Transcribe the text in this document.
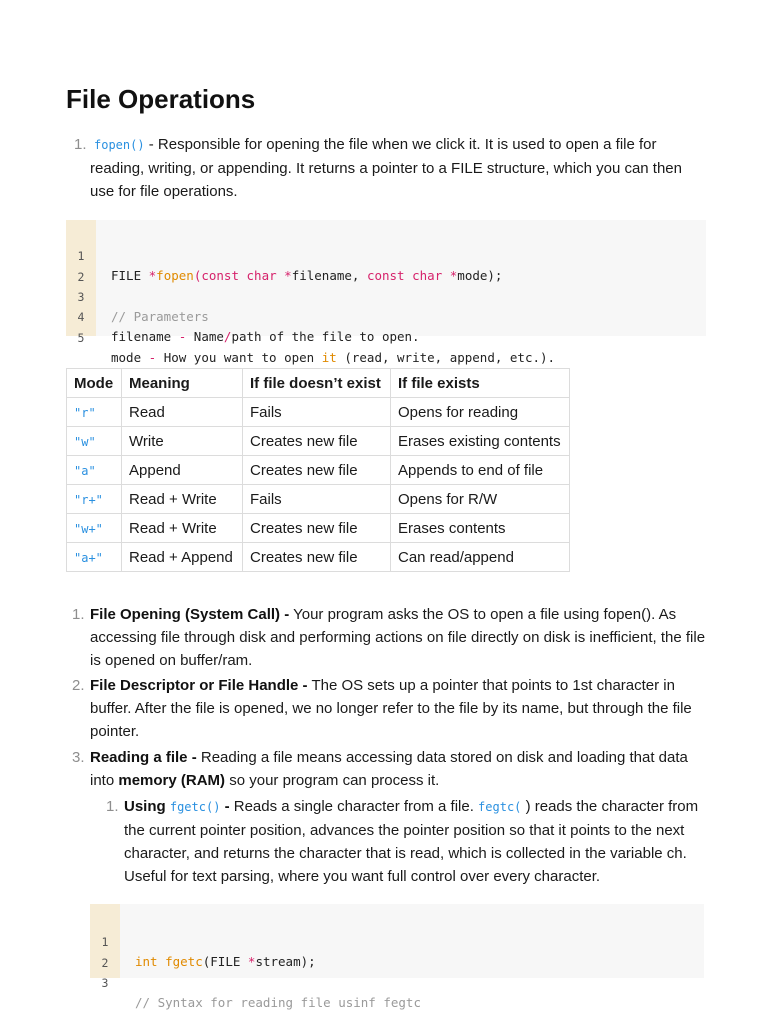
File Operations
1. fopen() - Responsible for opening the file when we click it. It is used to open a file for reading, writing, or appending. It returns a pointer to a FILE structure, which you can then use for file operations.

1

FILE *fopen(const char *filename, const char *mode);

2

3

// Parameters

4

filename - Name/path of the file to open.

5

mode - How you want to open it (read, write, append, etc.).

Mode	Meaning	If file doesn’t exist	If file exists
"r"	Read	Fails	Opens for reading
"w"	Write	Creates new file	Erases existing contents
"a"	Append	Creates new file	Appends to end of file
"r+"	Read + Write	Fails	Opens for R/W
"w+"	Read + Write	Creates new file	Erases contents
"a+"	Read + Append	Creates new file	Can read/append
1. File Opening (System Call) - Your program asks the OS to open a file using fopen(). As accessing file through disk and performing actions on file directly on disk is inefficient, the file is opened on buffer/ram.
2. File Descriptor or File Handle - The OS sets up a pointer that points to 1st character in buffer. After the file is opened, we no longer refer to the file by its name, but through the file pointer.
3. Reading a file - Reading a file means accessing data stored on disk and loading that data into memory (RAM) so your program can process it.
1. Using fgetc() - Reads a single character from a file. fegtc( ) reads the character from the current pointer position, advances the pointer position so that it points to the next character, and returns the character that is read, which is collected in the variable ch. Useful for text parsing, where you want full control over every character.

1

int fgetc(FILE *stream);

2

3

// Syntax for reading file usinf fegtc
